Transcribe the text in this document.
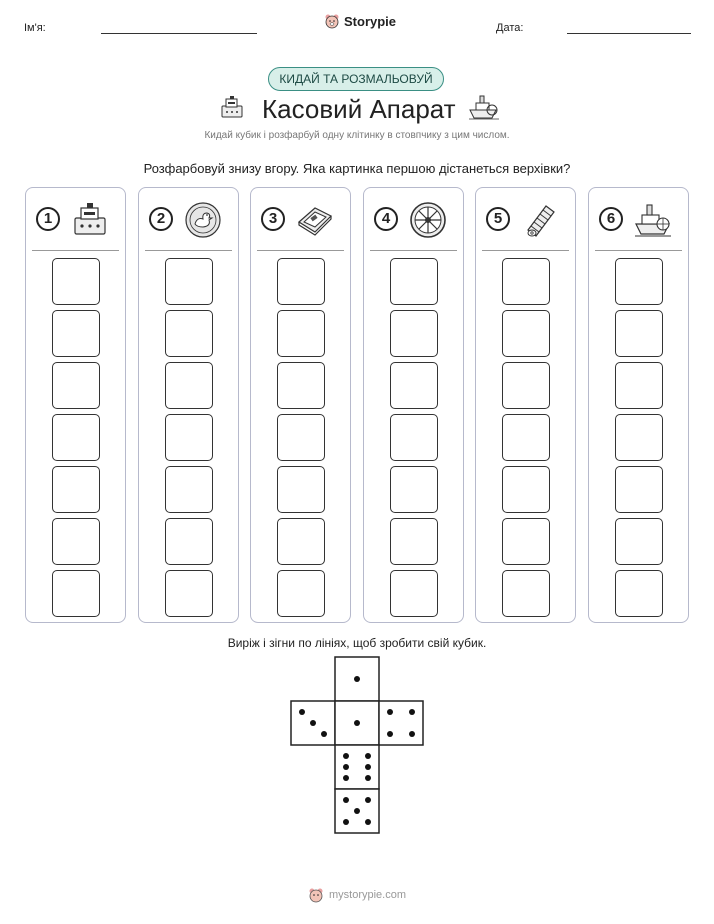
Ім'я:	Storypie	Дата:
КИДАЙ ТА РОЗМАЛЬОВУЙ
Касовий Апарат
Кидай кубик і розфарбуй одну клітинку в стовпчику з цим числом.
Розфарбовуй знизу вгору. Яка картинка першою дістанеться верхівки?
1	2	3	4	5	6
Виріж і зігни по лініях, щоб зробити свій кубик.
mystorypie.com
